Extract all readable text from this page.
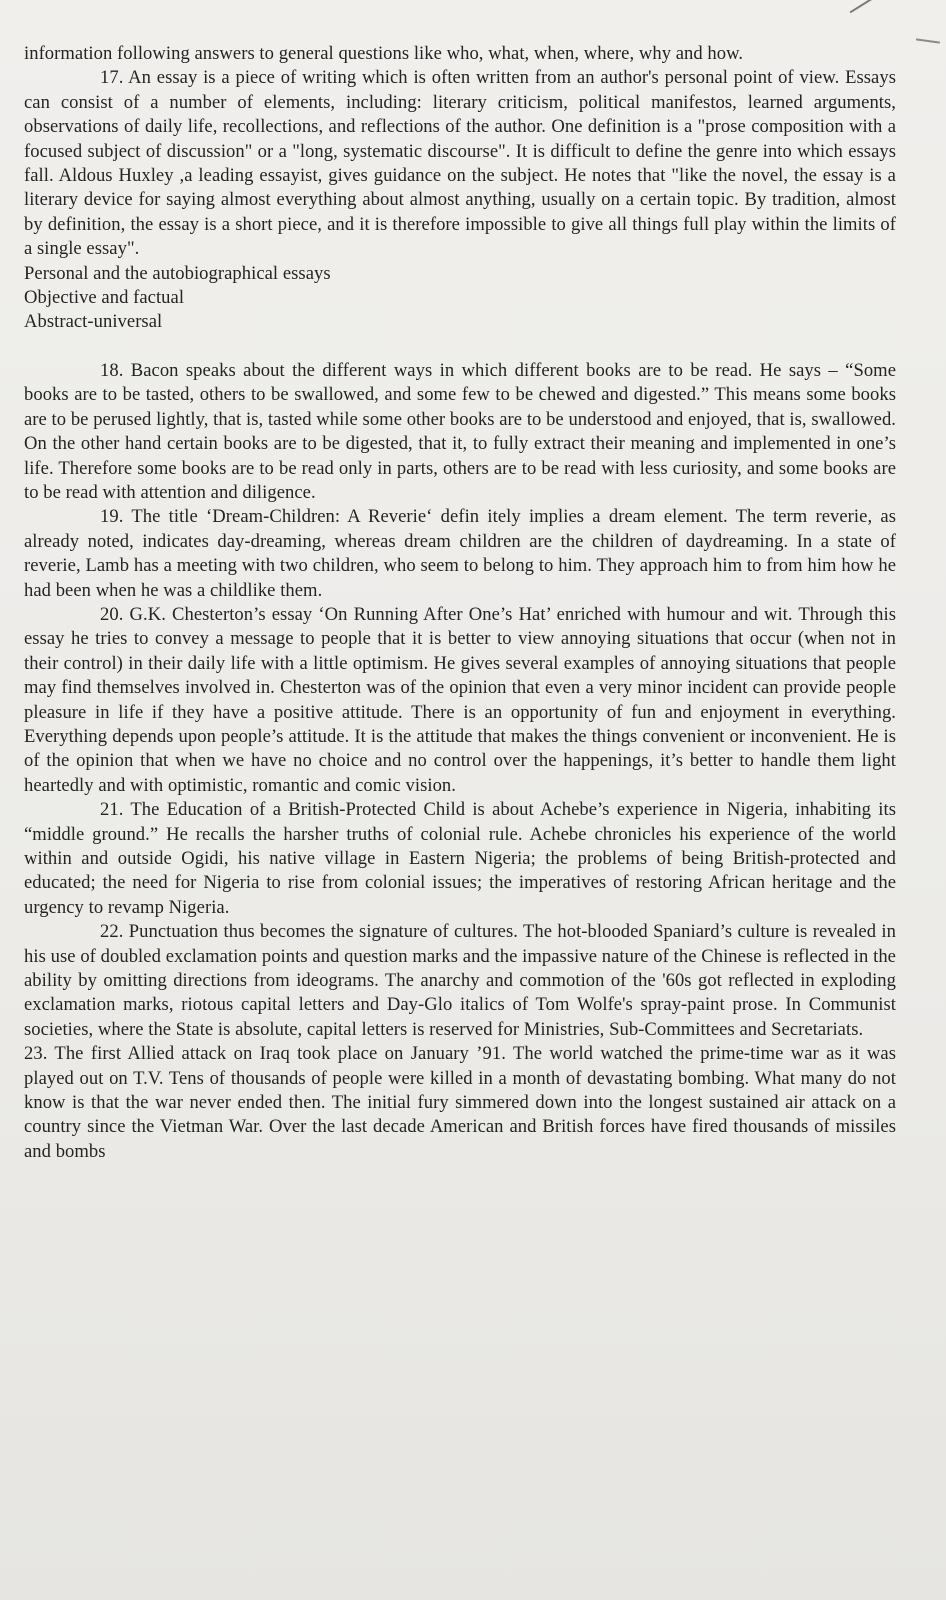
information following answers to general questions like who, what, when, where, why and how.

17. An essay is a piece of writing which is often written from an author's personal point of view. Essays can consist of a number of elements, including: literary criticism, political manifestos, learned arguments, observations of daily life, recollections, and reflections of the author. One definition is a "prose composition with a focused subject of discussion" or a "long, systematic discourse". It is difficult to define the genre into which essays fall. Aldous Huxley ,a leading essayist, gives guidance on the subject. He notes that "like the novel, the essay is a literary device for saying almost everything about almost anything, usually on a certain topic. By tradition, almost by definition, the essay is a short piece, and it is therefore impossible to give all things full play within the limits of a single essay".

Personal and the autobiographical essays

Objective and factual

Abstract-universal

18. Bacon speaks about the different ways in which different books are to be read. He says – “Some books are to be tasted, others to be swallowed, and some few to be chewed and digested.” This means some books are to be perused lightly, that is, tasted while some other books are to be understood and enjoyed, that is, swallowed. On the other hand certain books are to be digested, that it, to fully extract their meaning and implemented in one’s life. Therefore some books are to be read only in parts, others are to be read with less curiosity, and some books are to be read with attention and diligence.

19. The title ‘Dream-Children: A Reverie‘ defin itely implies a dream element. The term reverie, as already noted, indicates day-dreaming, whereas dream children are the children of daydreaming. In a state of reverie, Lamb has a meeting with two children, who seem to belong to him. They approach him to from him how he had been when he was a childlike them.

20. G.K. Chesterton’s essay ‘On Running After One’s Hat’ enriched with humour and wit. Through this essay he tries to convey a message to people that it is better to view annoying situations that occur (when not in their control) in their daily life with a little optimism. He gives several examples of annoying situations that people may find themselves involved in. Chesterton was of the opinion that even a very minor incident can provide people pleasure in life if they have a positive attitude. There is an opportunity of fun and enjoyment in everything. Everything depends upon people’s attitude. It is the attitude that makes the things convenient or inconvenient. He is of the opinion that when we have no choice and no control over the happenings, it’s better to handle them light heartedly and with optimistic, romantic and comic vision.

21. The Education of a British-Protected Child is about Achebe’s experience in Nigeria, inhabiting its “middle ground.” He recalls the harsher truths of colonial rule. Achebe chronicles his experience of the world within and outside Ogidi, his native village in Eastern Nigeria; the problems of being British-protected and educated; the need for Nigeria to rise from colonial issues; the imperatives of restoring African heritage and the urgency to revamp Nigeria.

22. Punctuation thus becomes the signature of cultures. The hot-blooded Spaniard’s culture is revealed in his use of doubled exclamation points and question marks and the impassive nature of the Chinese is reflected in the ability by omitting directions from ideograms. The anarchy and commotion of the '60s got reflected in exploding exclamation marks, riotous capital letters and Day-Glo italics of Tom Wolfe's spray-paint prose. In Communist societies, where the State is absolute, capital letters is reserved for Ministries, Sub-Committees and Secretariats.

23. The first Allied attack on Iraq took place on January ’91. The world watched the prime-time war as it was played out on T.V. Tens of thousands of people were killed in a month of devastating bombing. What many do not know is that the war never ended then. The initial fury simmered down into the longest sustained air attack on a country since the Vietman War. Over the last decade American and British forces have fired thousands of missiles and bombs
